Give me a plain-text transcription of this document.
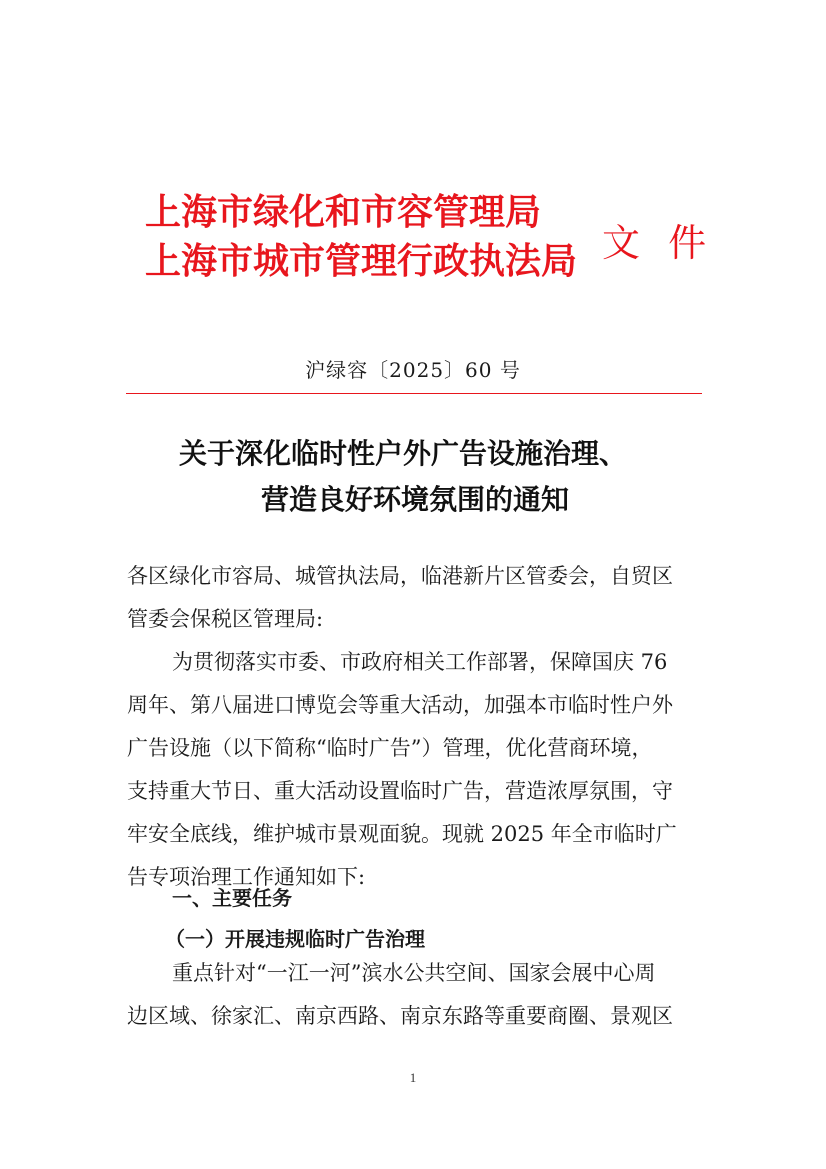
上海市绿化和市容管理局
上海市城市管理行政执法局 文 件
沪绿容〔2025〕60 号
关于深化临时性户外广告设施治理、
营造良好环境氛围的通知
各区绿化市容局、城管执法局，临港新片区管委会，自贸区
管委会保税区管理局:
为贯彻落实市委、市政府相关工作部署，保障国庆 76
周年、第八届进口博览会等重大活动，加强本市临时性户外
广告设施（以下简称“临时广告”）管理，优化营商环境，
支持重大节日、重大活动设置临时广告，营造浓厚氛围，守
牢安全底线，维护城市景观面貌。现就 2025 年全市临时广
告专项治理工作通知如下:
一、主要任务
（一）开展违规临时广告治理
重点针对“一江一河”滨水公共空间、国家会展中心周
边区域、徐家汇、南京西路、南京东路等重要商圈、景观区
1
